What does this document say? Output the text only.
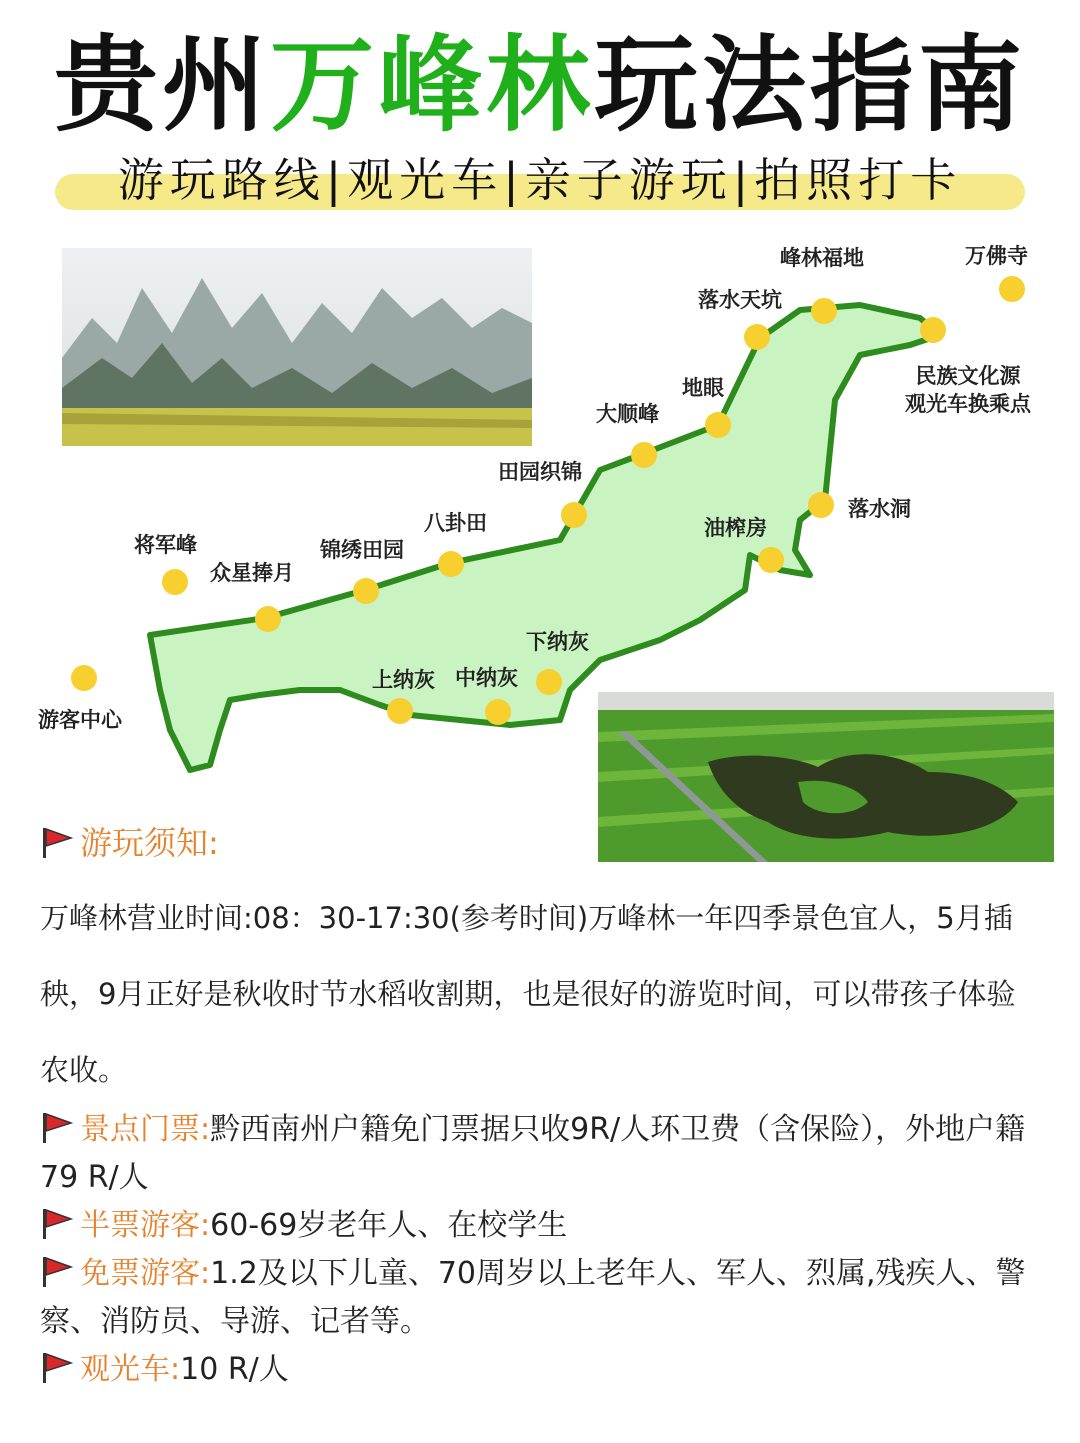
贵州万峰林玩法指南
游玩路线|观光车|亲子游玩|拍照打卡
万佛寺
峰林福地
落水天坑
民族文化源
观光车换乘点
地眼
大顺峰
田园织锦
落水洞
油榨房
八卦田
锦绣田园
将军峰
众星捧月
下纳灰
上纳灰 中纳灰
游客中心
游玩须知:
万峰林营业时间:08：30-17:30(参考时间)万峰林一年四季景色宜人，5月插秧，9月正好是秋收时节水稻收割期，也是很好的游览时间，可以带孩子体验农收。
景点门票:黔西南州户籍免门票据只收9R/人环卫费（含保险），外地户籍 79 R/人
半票游客:60-69岁老年人、在校学生
免票游客:1.2及以下儿童、70周岁以上老年人、军人、烈属,残疾人、警察、消防员、导游、记者等。
观光车:10 R/人
